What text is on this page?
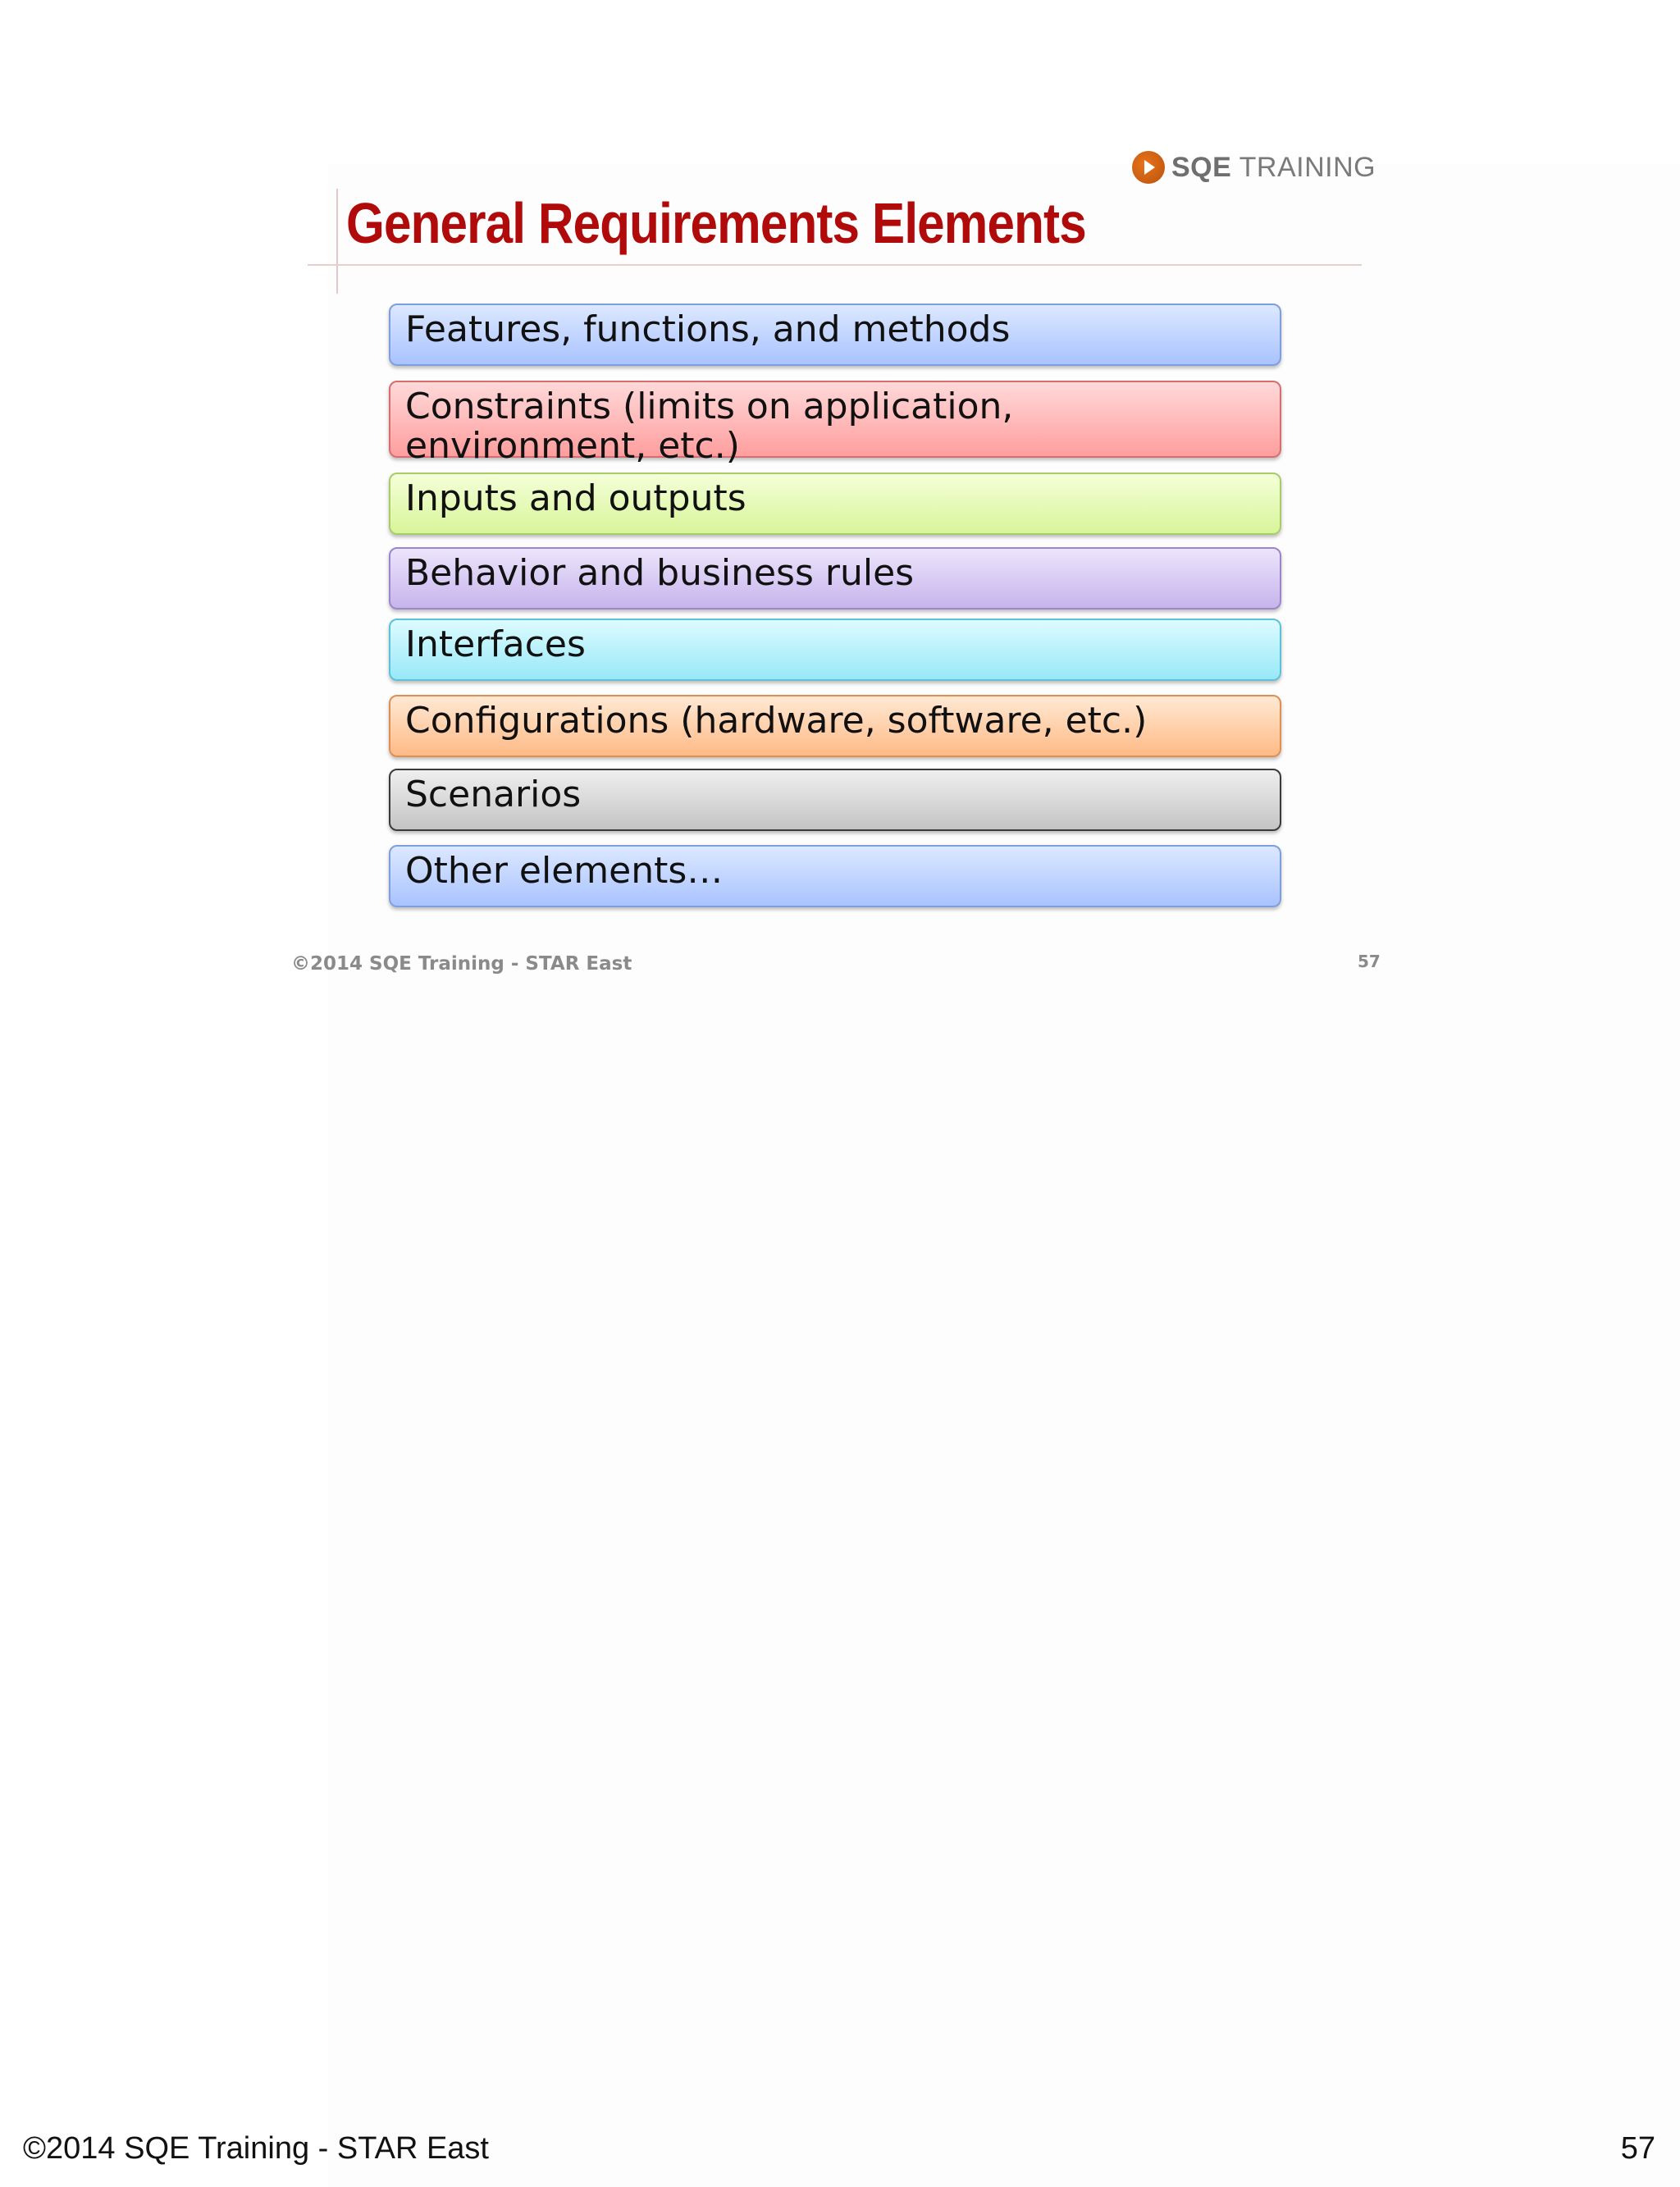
SQE TRAINING
General Requirements Elements
Features, functions, and methods
Constraints (limits on application, environment, etc.)
Inputs and outputs
Behavior and business rules
Interfaces
Configurations (hardware, software, etc.)
Scenarios
Other elements…
©2014 SQE Training - STAR East	57
©2014 SQE Training - STAR East	57
